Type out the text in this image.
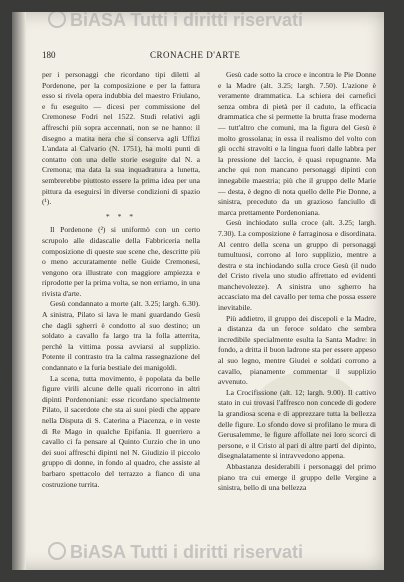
BiASA Tutti i diritti riservati
180	CRONACHE D'ARTE

per i personaggi che ricordano tipi diletti al Pordenone, per la composizione e per la fattura esso si rivela opera indubbia del maestro Friulano, e fu eseguito — dicesi per commissione del Cremonese Fodri nel 1522. Studi relativi agli affreschi più sopra accennati, non se ne hanno: il disegno a matita nera che si conserva agli Uffizi L'andata al Calvario (N. 1751), ha molti punti di contatto con una delle storie eseguite dal N. a Cremona; ma data la sua inquadratura a lunetta, sembrerebbe piuttosto essere la prima idea per una pittura da eseguirsi in diverse condizioni di spazio (¹).

* * *

Il Pordenone (²) si uniformò con un certo scrupolo alle didascalie della Fabbriceria nella composizione di queste sue scene che, descritte più o meno accuratamente nelle Guide Cremonesi, vengono ora illustrate con maggiore ampiezza e riprodotte per la prima volta, se non erriamo, in una rivista d'arte.

Gesù condannato a morte (alt. 3.25; largh. 6.30). A sinistra, Pilato si lava le mani guardando Gesù che dagli sgherri è condotto al suo destino; un soldato a cavallo fa largo tra la folla atterrita, perchè la vittima possa avviarsi al supplizio. Potente il contrasto tra la calma rassegnazione del condannato e la furia bestiale dei manigoldi.

La scena, tutta movimento, è popolata da belle figure virili alcune delle quali ricorrono in altri dipinti Pordenoniani: esse ricordano specialmente Pilato, il sacerdote che sta ai suoi piedi che appare nella Disputa di S. Caterina a Piacenza, e in veste di Re Mago in qualche Epifania. Il guerriero a cavallo ci fa pensare al Quinto Curzio che in uno dei suoi affreschi dipinti nel N. Giudizio il piccolo gruppo di donne, in fondo al quadro, che assiste al barbaro spettacolo del terrazzo a fianco di una costruzione turrita.

Gesù cade sotto la croce e incontra le Pie Donne e la Madre (alt. 3.25; largh. 7.50). L'azione è veramente drammatica. La schiera dei carnefici senza ombra di pietà per il caduto, la efficacia drammatica che si permette la brutta frase moderna — tutt'altro che comuni, ma la figura del Gesù è molto grossolana; in essa il realismo del volto con gli occhi stravolti e la lingua fuori dalle labbra per la pressione del laccio, è quasi repugnante. Ma anche qui non mancano personaggi dipinti con innegabile maestria; più che il gruppo delle Marie — desta, è degno di nota quello delle Pie Donne, a sinistra, preceduto da un grazioso fanciullo di marca prettamente Pordenoniana.

Gesù inchiodato sulla croce (alt. 3.25; largh. 7.30). La composizione è farraginosa e disordinata. Al centro della scena un gruppo di personaggi tumultuosi, corrono al loro supplizio, mentre a destra e sta inchiodando sulla croce Gesù (il nudo del Cristo rivela uno studio affrettato ed evidenti manchevolezze). A sinistra uno sgherro ha accasciato ma del cavallo per tema che possa essere inevitabile.

Più addietro, il gruppo dei discepoli e la Madre, a distanza da un feroce soldato che sembra incredibile specialmente esulta la Santa Madre: in fondo, a dritta il buon ladrone sta per essere appeso al suo legno, mentre Giudei e soldati corrono a cavallo, pianamente commentar il supplizio avvenuto.

La Crocifissione (alt. 12; largh. 9.00). Il cattivo stato in cui trovasi l'affresco non concede di godere la grandiosa scena e di apprezzare tutta la bellezza delle figure. Lo sfondo dove si profilano le mura di Gerusalemme, le figure affollate nei loro scorci di persone, e il Cristo al pari di altre parti del dipinto, disegnalatamente si intravvedono appena.

Abbastanza desiderabili i personaggi del primo piano tra cui emerge il gruppo delle Vergine a sinistra, bello di una bellezza

BiASA Tutti i diritti riservati
